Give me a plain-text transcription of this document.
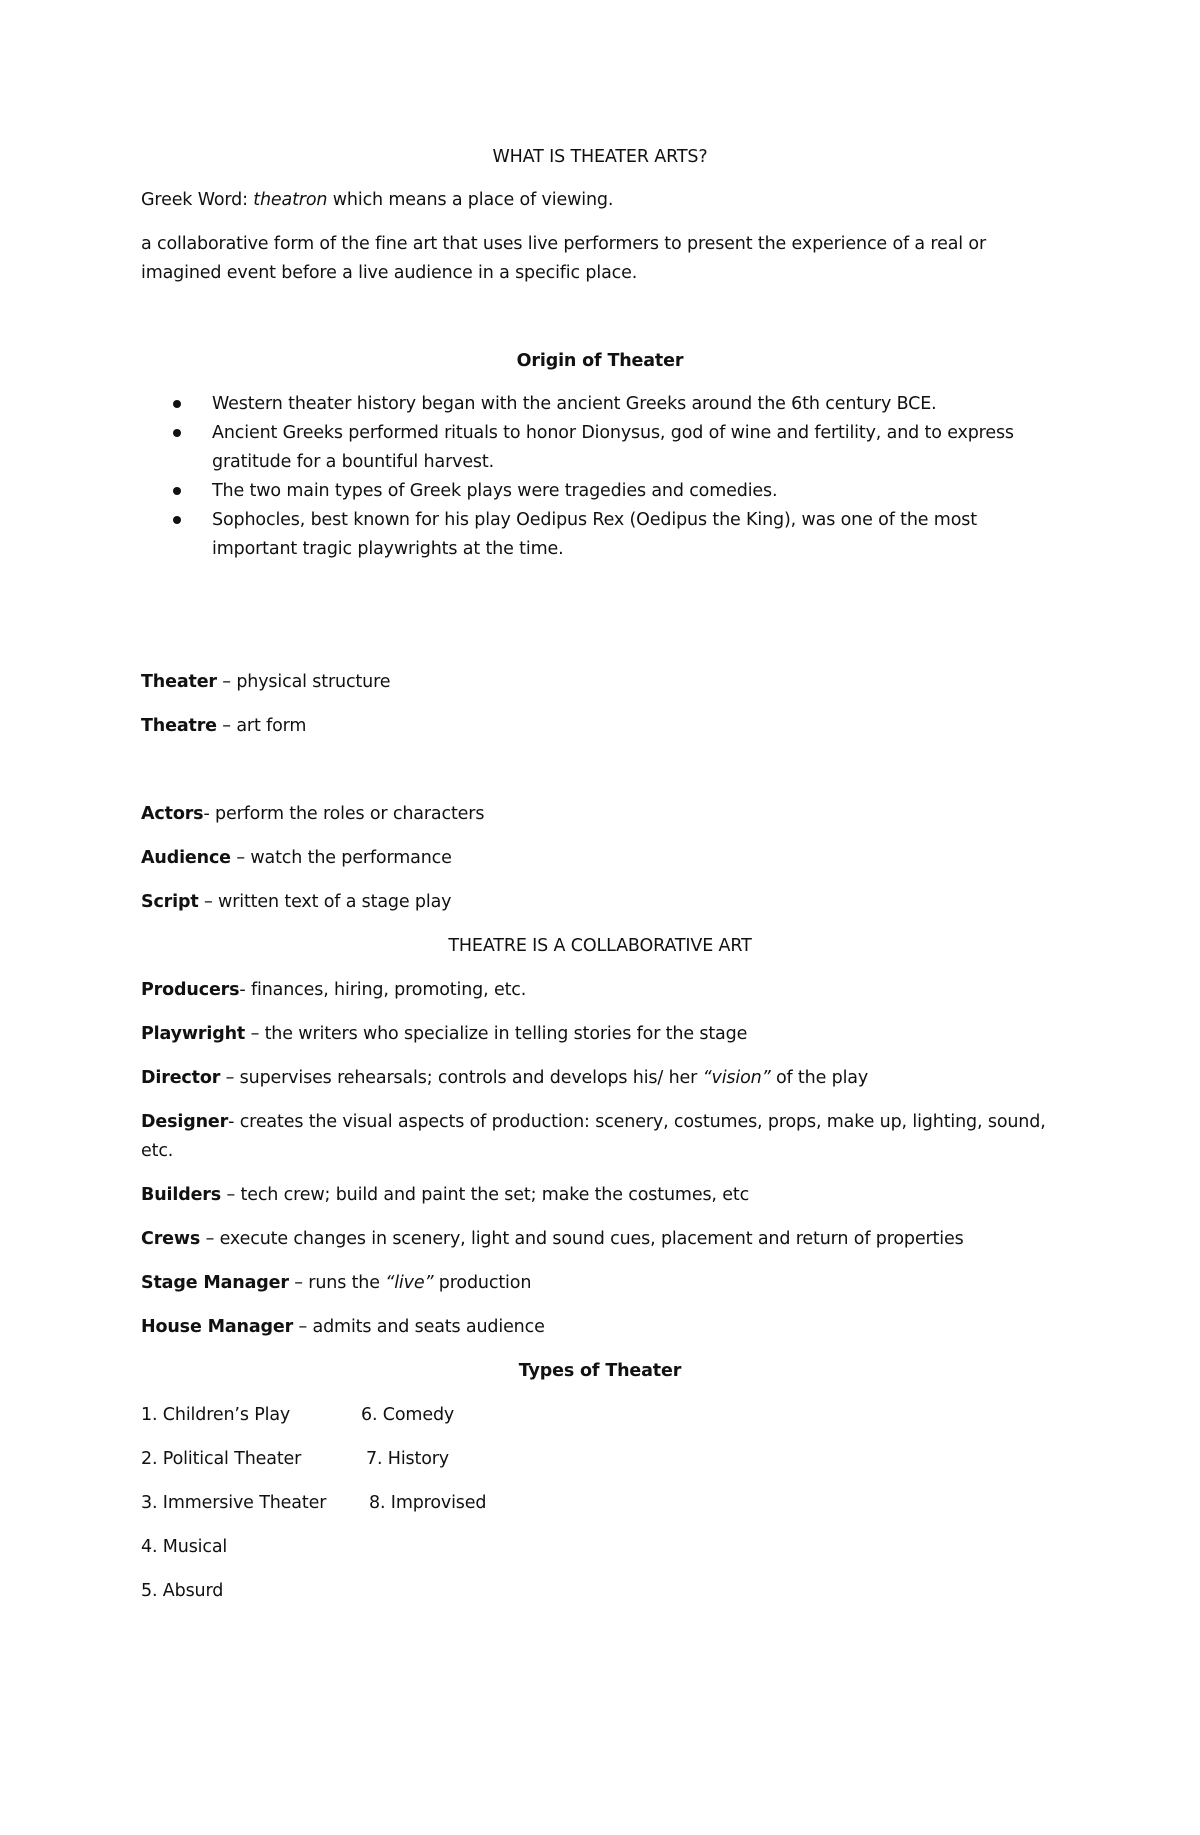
WHAT IS THEATER ARTS?
Greek Word: theatron which means a place of viewing.
a collaborative form of the fine art that uses live performers to present the experience of a real or
imagined event before a live audience in a specific place.
Origin of Theater
Western theater history began with the ancient Greeks around the 6th century BCE.
Ancient Greeks performed rituals to honor Dionysus, god of wine and fertility, and to express
gratitude for a bountiful harvest.
The two main types of Greek plays were tragedies and comedies.
Sophocles, best known for his play Oedipus Rex (Oedipus the King), was one of the most
important tragic playwrights at the time.
Theater – physical structure
Theatre – art form
Actors- perform the roles or characters
Audience – watch the performance
Script – written text of a stage play
THEATRE IS A COLLABORATIVE ART
Producers- finances, hiring, promoting, etc.
Playwright – the writers who specialize in telling stories for the stage
Director – supervises rehearsals; controls and develops his/ her “vision” of the play
Designer- creates the visual aspects of production: scenery, costumes, props, make up, lighting, sound,
etc.
Builders – tech crew; build and paint the set; make the costumes, etc
Crews – execute changes in scenery, light and sound cues, placement and return of properties
Stage Manager – runs the “live” production
House Manager – admits and seats audience
Types of Theater
1. Children’s Play	6. Comedy
2. Political Theater	7. History
3. Immersive Theater 8. Improvised
4. Musical
5. Absurd
